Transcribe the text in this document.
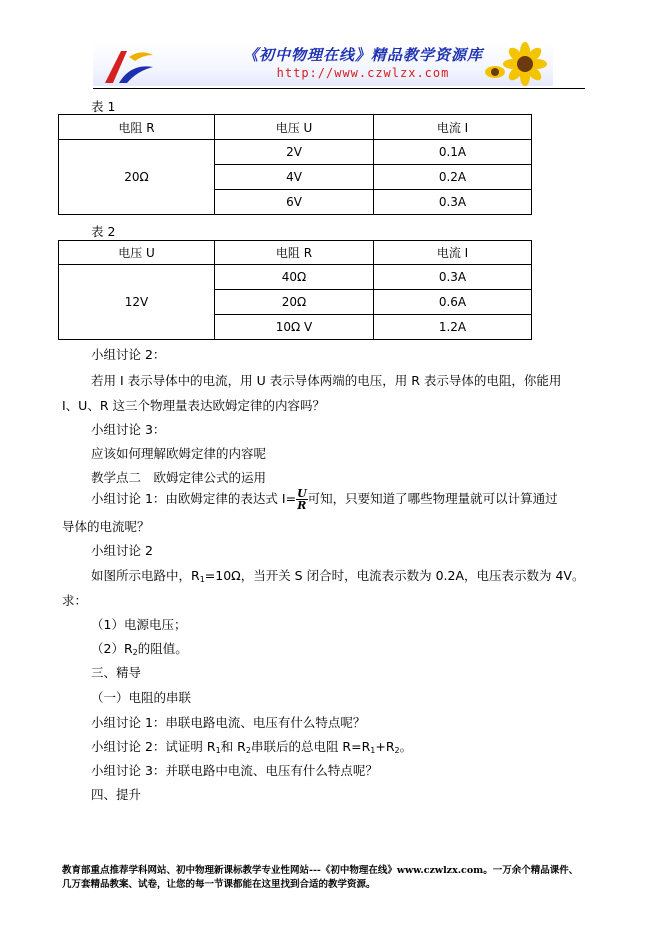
《初中物理在线》精品教学资源库
http://www.czwlzx.com
表 1
电阻 R	电压 U	电流 I
20Ω	2V	0.1A
	4V	0.2A
	6V	0.3A
表 2
电压 U	电阻 R	电流 I
12V	40Ω	0.3A
	20Ω	0.6A
	10Ω V	1.2A
小组讨论 2：
若用 I 表示导体中的电流，用 U 表示导体两端的电压，用 R 表示导体的电阻，你能用
I、U、R 这三个物理量表达欧姆定律的内容吗？
小组讨论 3：
应该如何理解欧姆定律的内容呢
教学点二　欧姆定律公式的运用
小组讨论 1：由欧姆定律的表达式 $I= \frac{U}{R}$ 可知，只要知道了哪些物理量就可以计算通过
导体的电流呢？
小组讨论 2
如图所示电路中，$R_1=10\Omega$，当开关 S 闭合时，电流表示数为 0.2A，电压表示数为 4V。
求：
（1）电源电压；
$(2)R_2$的阻值。
三、精导
（一）电阻的串联
小组讨论 1：串联电路电流、电压有什么特点呢？
小组讨论 2：试证明 $R_1$和 $R_2$串联后的总电阻 $R=R_1+R_2$。
小组讨论 3：并联电路中电流、电压有什么特点呢？
四、提升
教育部重点推荐学科网站、初中物理新课标教学专业性网站---《初中物理在线》www.czwlzx.com。一万余个精品课件、
几万套精品教案、试卷，让您的每一节课都能在这里找到合适的教学资源。
